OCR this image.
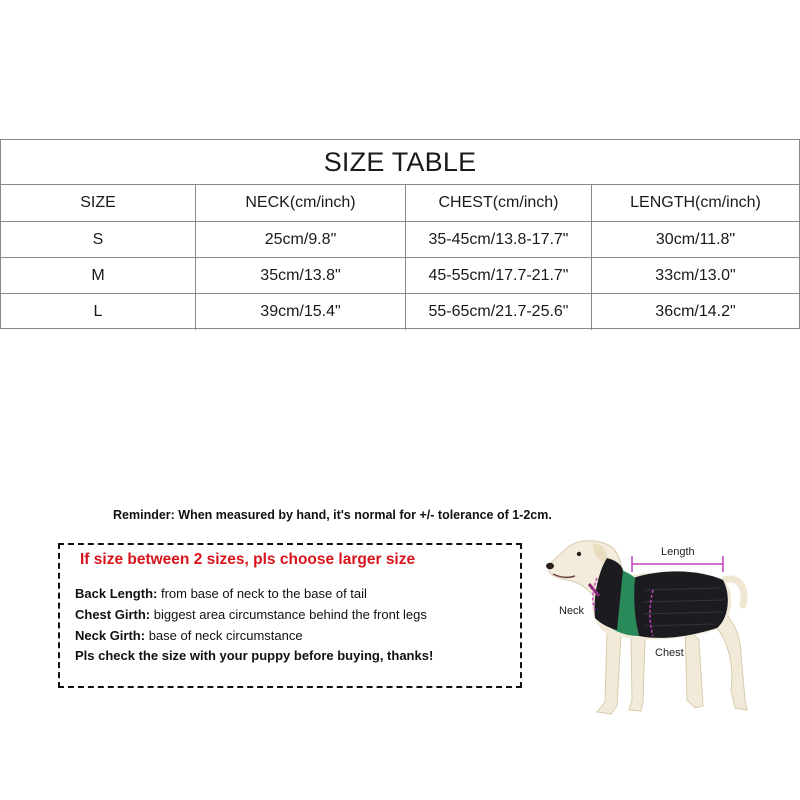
SIZE TABLE
SIZE	NECK(cm/inch)	CHEST(cm/inch)	LENGTH(cm/inch)
S	25cm/9.8"	35-45cm/13.8-17.7"	30cm/11.8"
M	35cm/13.8"	45-55cm/17.7-21.7"	33cm/13.0"
L	39cm/15.4"	55-65cm/21.7-25.6"	36cm/14.2"
Reminder: When measured by hand, it's normal for +/- tolerance of 1-2cm.
If size between 2 sizes, pls choose larger size
Back Length: from base of neck to the base of tail
Chest Girth: biggest area circumstance behind the front legs
Neck Girth: base of neck circumstance
Pls check the size with your puppy before buying, thanks!
Length
Neck
Chest
